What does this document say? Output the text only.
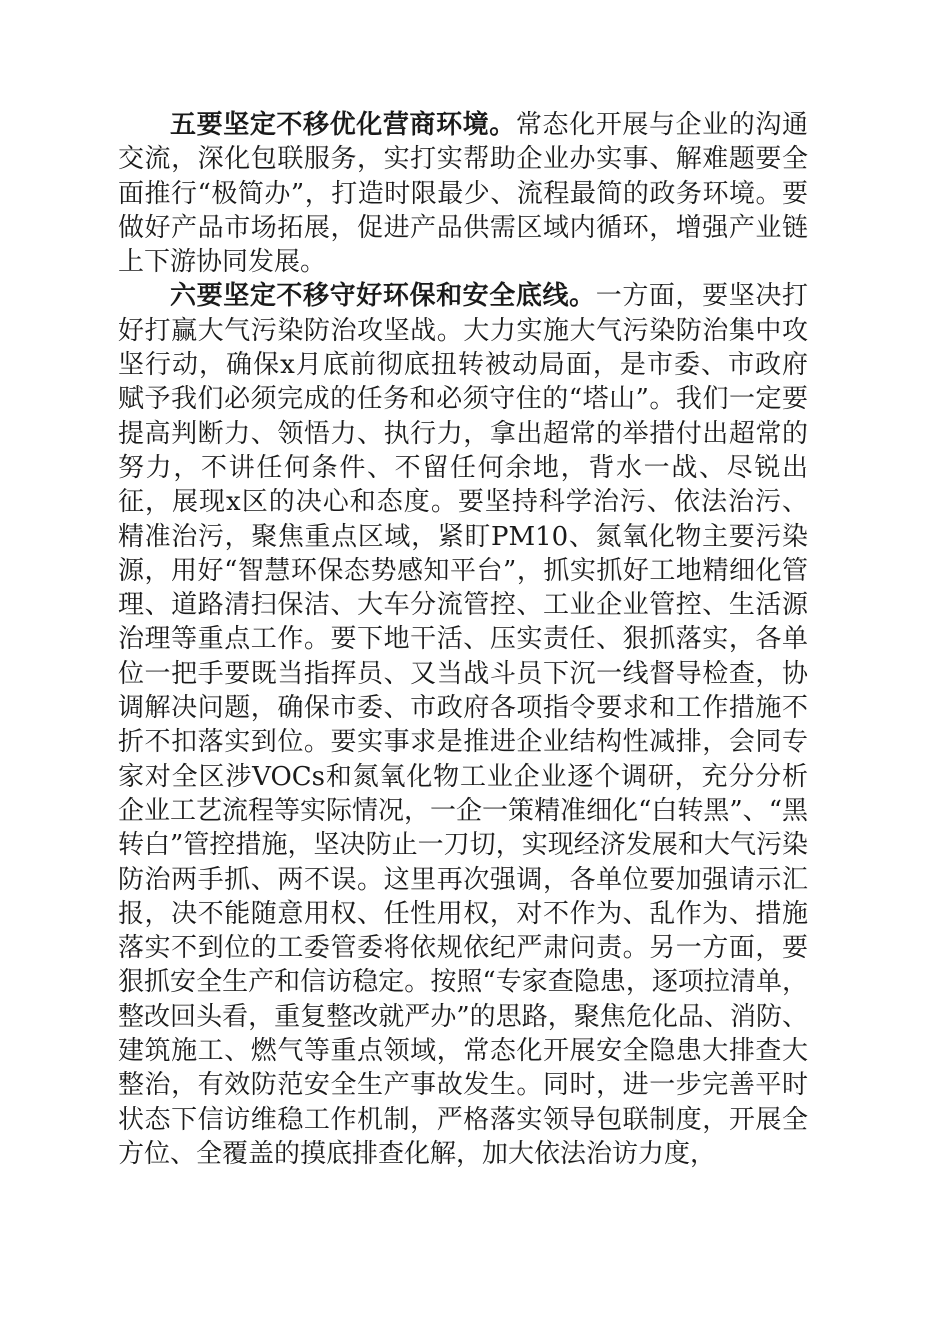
五要坚定不移优化营商环境。常态化开展与企业的沟通交流，深化包联服务，实打实帮助企业办实事、解难题要全面推行“极简办”，打造时限最少、流程最简的政务环境。要做好产品市场拓展，促进产品供需区域内循环，增强产业链上下游协同发展。

六要坚定不移守好环保和安全底线。一方面，要坚决打好打赢大气污染防治攻坚战。大力实施大气污染防治集中攻坚行动，确保x月底前彻底扭转被动局面，是市委、市政府赋予我们必须完成的任务和必须守住的“塔山”。我们一定要提高判断力、领悟力、执行力，拿出超常的举措付出超常的努力，不讲任何条件、不留任何余地，背水一战、尽锐出征，展现x区的决心和态度。要坚持科学治污、依法治污、精准治污，聚焦重点区域，紧盯PM10、氮氧化物主要污染源，用好“智慧环保态势感知平台”，抓实抓好工地精细化管理、道路清扫保洁、大车分流管控、工业企业管控、生活源治理等重点工作。要下地干活、压实责任、狠抓落实，各单位一把手要既当指挥员、又当战斗员下沉一线督导检查，协调解决问题，确保市委、市政府各项指令要求和工作措施不折不扣落实到位。要实事求是推进企业结构性减排，会同专家对全区涉VOCs和氮氧化物工业企业逐个调研，充分分析企业工艺流程等实际情况，一企一策精准细化“白转黑”、“黑转白”管控措施，坚决防止一刀切，实现经济发展和大气污染防治两手抓、两不误。这里再次强调，各单位要加强请示汇报，决不能随意用权、任性用权，对不作为、乱作为、措施落实不到位的工委管委将依规依纪严肃问责。另一方面，要狠抓安全生产和信访稳定。按照“专家查隐患，逐项拉清单，整改回头看，重复整改就严办”的思路，聚焦危化品、消防、建筑施工、燃气等重点领域，常态化开展安全隐患大排查大整治，有效防范安全生产事故发生。同时，进一步完善平时状态下信访维稳工作机制，严格落实领导包联制度，开展全方位、全覆盖的摸底排查化解，加大依法治访力度，
